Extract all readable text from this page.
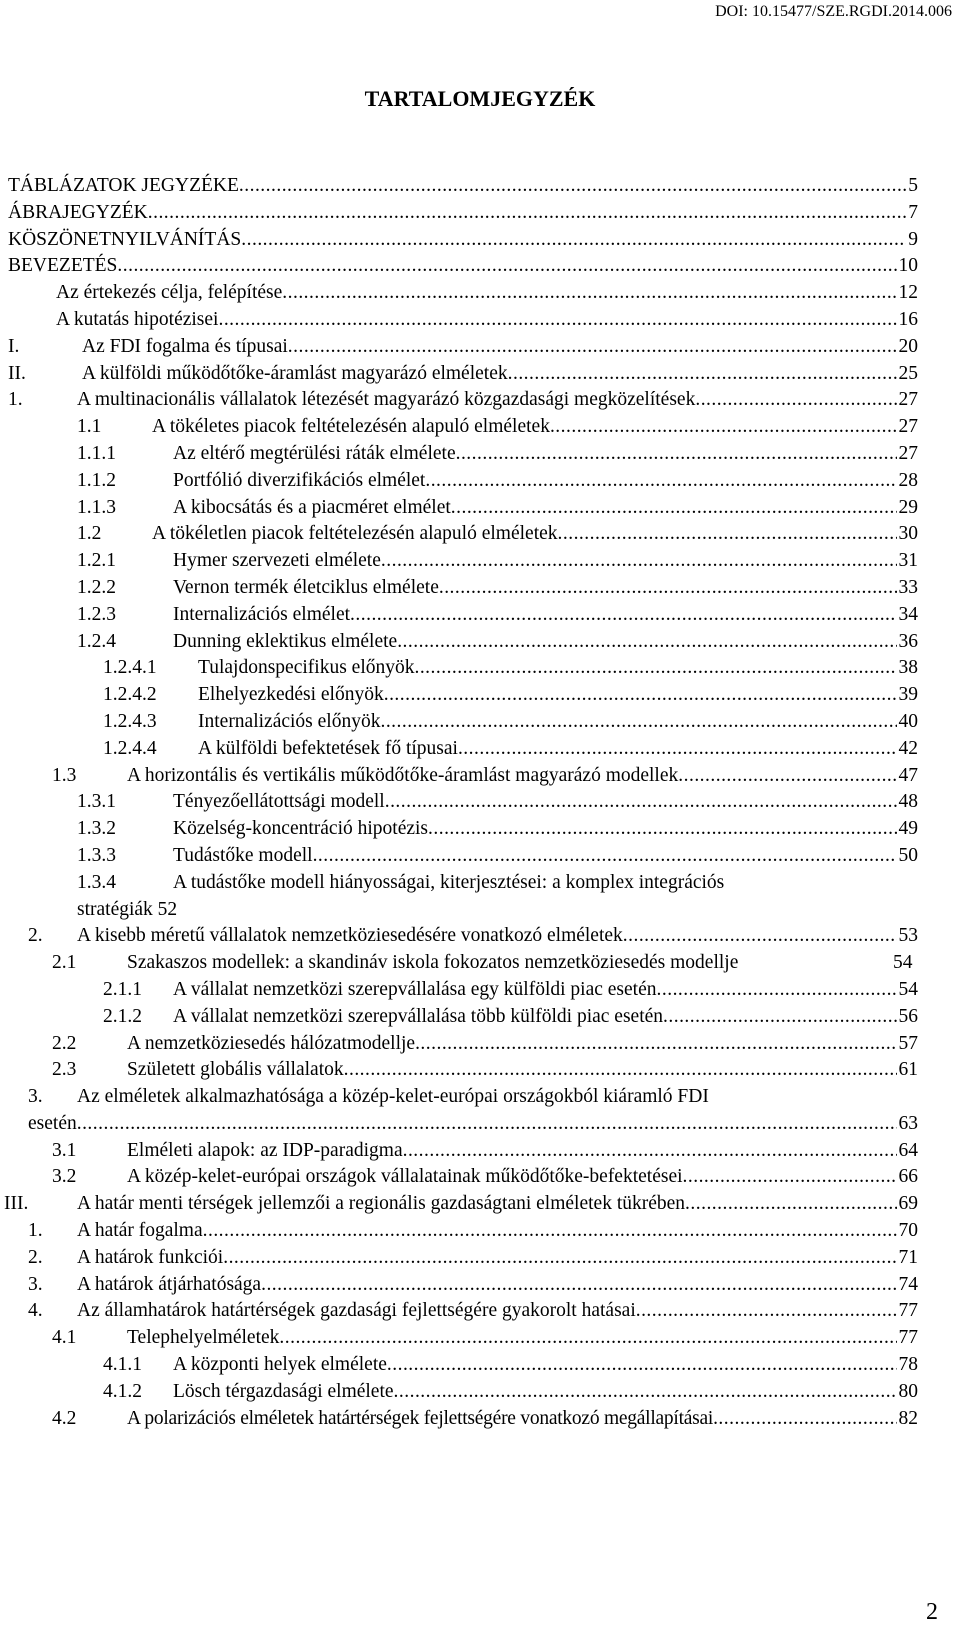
DOI: 10.15477/SZE.RGDI.2014.006
TARTALOMJEGYZÉK
TÁBLÁZATOK JEGYZÉKE . . .	5
ÁBRAJEGYZÉK . . .	7
KÖSZÖNETNYILVÁNÍTÁS . . .	9
BEVEZETÉS . . .	10
Az értekezés célja, felépítése . . .	12
A kutatás hipotézisei . . .	16
I.	Az FDI fogalma és típusai . . .	20
II.	A külföldi működőtőke-áramlást magyarázó elméletek . . .	25
1.	A multinacionális vállalatok létezését magyarázó közgazdasági megközelítések . . .	27
1.1	A tökéletes piacok feltételezésén alapuló elméletek . . .	27
1.1.1	Az eltérő megtérülési ráták elmélete . . .	27
1.1.2	Portfólió diverzifikációs elmélet . . .	28
1.1.3	A kibocsátás és a piacméret elmélet . . .	29
1.2	A tökéletlen piacok feltételezésén alapuló elméletek . . .	30
1.2.1	Hymer szervezeti elmélete . . .	31
1.2.2	Vernon termék életciklus elmélete . . .	33
1.2.3	Internalizációs elmélet . . .	34
1.2.4	Dunning eklektikus elmélete . . .	36
1.2.4.1 Tulajdonspecifikus előnyök . . .	38
1.2.4.2 Elhelyezkedési előnyök . . .	39
1.2.4.3 Internalizációs előnyök . . .	40
1.2.4.4 A külföldi befektetések fő típusai . . .	42
1.3	A horizontális és vertikális működőtőke-áramlást magyarázó modellek . . .	47
1.3.1	Tényezőellátottsági modell . . .	48
1.3.2	Közelség-koncentráció hipotézis . . .	49
1.3.3	Tudástőke modell . . .	50
1.3.4	A tudástőke modell hiányosságai, kiterjesztései: a komplex integrációs
stratégiák 52
2. A kisebb méretű vállalatok nemzetköziesedésére vonatkozó elméletek . . .	53
2.1	Szakaszos modellek: a skandináv iskola fokozatos nemzetköziesedés modellje	54
2.1.1 A vállalat nemzetközi szerepvállalása egy külföldi piac esetén . . .	54
2.1.2 A vállalat nemzetközi szerepvállalása több külföldi piac esetén . . .	56
2.2	A nemzetköziesedés hálózatmodellje . . .	57
2.3	Született globális vállalatok . . .	61
3. Az elméletek alkalmazhatósága a közép-kelet-európai országokból kiáramló FDI
esetén . . .	63
3.1	Elméleti alapok: az IDP-paradigma . . .	64
3.2	A közép-kelet-európai országok vállalatainak működőtőke-befektetései . . .	66
III. A határ menti térségek jellemzői a regionális gazdaságtani elméletek tükrében . . .	69
1. A határ fogalma . . .	70
2. A határok funkciói . . .	71
3. A határok átjárhatósága . . .	74
4. Az államhatárok határtérségek gazdasági fejlettségére gyakorolt hatásai . . .	77
4.1	Telephelyelméletek . . .	77
4.1.1 A központi helyek elmélete . . .	78
4.1.2 Lösch térgazdasági elmélete . . .	80
4.2	A polarizációs elméletek határtérségek fejlettségére vonatkozó megállapításai . . .	82
2
